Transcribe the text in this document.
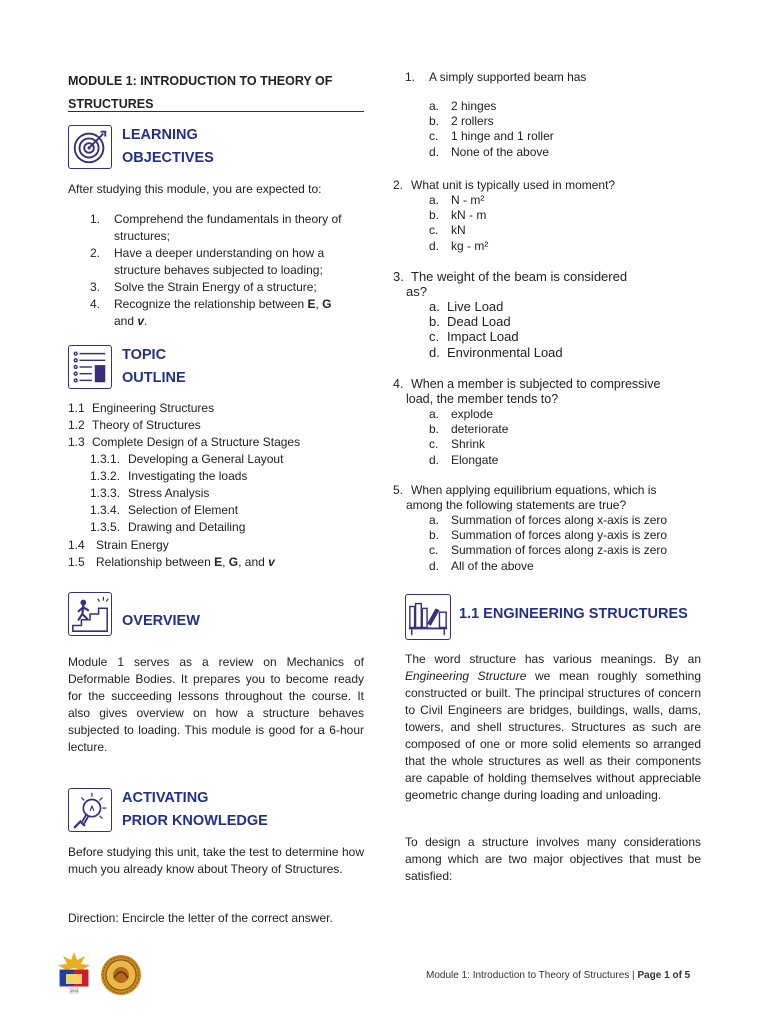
MODULE 1: INTRODUCTION TO THEORY OF
STRUCTURES
LEARNING
OBJECTIVES
After studying this module, you are expected to:
1.	Comprehend the fundamentals in theory of
structures;
2.	Have a deeper understanding on how a
structure behaves subjected to loading;
3.	Solve the Strain Energy of a structure;
4.	Recognize the relationship between E, G
and v.
TOPIC
OUTLINE
1.1 Engineering Structures
1.2 Theory of Structures
1.3 Complete Design of a Structure Stages
1.3.1. Developing a General Layout
1.3.2. Investigating the loads
1.3.3. Stress Analysis
1.3.4. Selection of Element
1.3.5. Drawing and Detailing
1.4 Strain Energy
1.5 Relationship between E, G, and v
OVERVIEW
Module 1 serves as a review on Mechanics of Deformable Bodies. It prepares you to become ready for the succeeding lessons throughout the course. It also gives overview on how a structure behaves subjected to loading. This module is good for a 6-hour lecture.
ACTIVATING
PRIOR KNOWLEDGE
Before studying this unit, take the test to determine how much you already know about Theory of Structures.
Direction: Encircle the letter of the correct answer.
1.	A simply supported beam has
a. 2 hinges
b. 2 rollers
c.	1 hinge and 1 roller
d. None of the above
2. What unit is typically used in moment?
a. N - m²
b. kN - m
c.	kN
d. kg - m²
3. The weight of the beam is considered
as?
a. Live Load
b. Dead Load
c. Impact Load
d. Environmental Load
4. When a member is subjected to compressive
load, the member tends to?
a. explode
b. deteriorate
c.	Shrink
d. Elongate
5. When applying equilibrium equations, which is
among the following statements are true?
a. Summation of forces along x-axis is zero
b. Summation of forces along y-axis is zero
c.	Summation of forces along z-axis is zero
d. All of the above
1.1 ENGINEERING STRUCTURES
The word structure has various meanings. By an Engineering Structure we mean roughly something constructed or built. The principal structures of concern to Civil Engineers are bridges, buildings, walls, dams, towers, and shell structures. Structures as such are composed of one or more solid elements so arranged that the whole structures as well as their components are capable of holding themselves without appreciable geometric change during loading and unloading.
To design a structure involves many considerations among which are two major objectives that must be satisfied:
1904
Module 1: Introduction to Theory of Structures | Page 1 of 5
